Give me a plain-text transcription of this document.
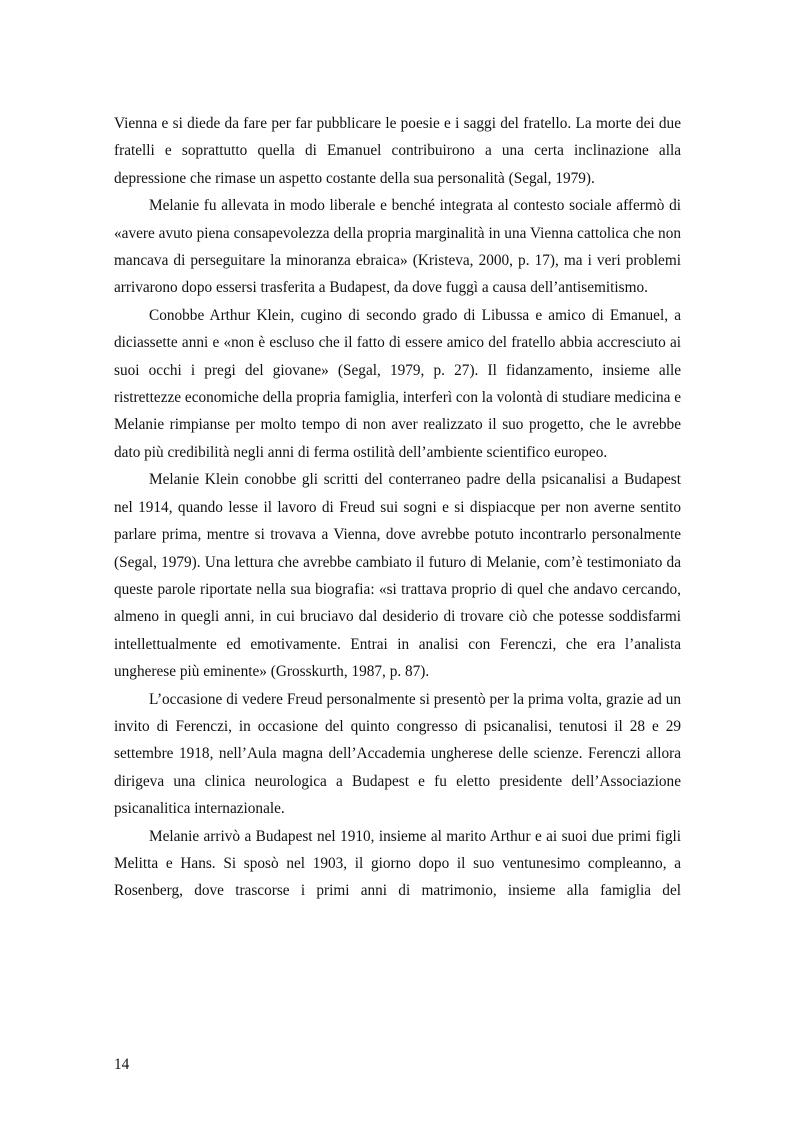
Vienna e si diede da fare per far pubblicare le poesie e i saggi del fratello. La morte dei due fratelli e soprattutto quella di Emanuel contribuirono a una certa inclinazione alla depressione che rimase un aspetto costante della sua personalità (Segal, 1979).

Melanie fu allevata in modo liberale e benché integrata al contesto sociale affermò di «avere avuto piena consapevolezza della propria marginalità in una Vienna cattolica che non mancava di perseguitare la minoranza ebraica» (Kristeva, 2000, p. 17), ma i veri problemi arrivarono dopo essersi trasferita a Budapest, da dove fuggì a causa dell’antisemitismo.

Conobbe Arthur Klein, cugino di secondo grado di Libussa e amico di Emanuel, a diciassette anni e «non è escluso che il fatto di essere amico del fratello abbia accresciuto ai suoi occhi i pregi del giovane» (Segal, 1979, p. 27). Il fidanzamento, insieme alle ristrettezze economiche della propria famiglia, interferì con la volontà di studiare medicina e Melanie rimpianse per molto tempo di non aver realizzato il suo progetto, che le avrebbe dato più credibilità negli anni di ferma ostilità dell’ambiente scientifico europeo.

Melanie Klein conobbe gli scritti del conterraneo padre della psicanalisi a Budapest nel 1914, quando lesse il lavoro di Freud sui sogni e si dispiacque per non averne sentito parlare prima, mentre si trovava a Vienna, dove avrebbe potuto incontrarlo personalmente (Segal, 1979). Una lettura che avrebbe cambiato il futuro di Melanie, com’è testimoniato da queste parole riportate nella sua biografia: «si trattava proprio di quel che andavo cercando, almeno in quegli anni, in cui bruciavo dal desiderio di trovare ciò che potesse soddisfarmi intellettualmente ed emotivamente. Entrai in analisi con Ferenczi, che era l’analista ungherese più eminente» (Grosskurth, 1987, p. 87).

L’occasione di vedere Freud personalmente si presentò per la prima volta, grazie ad un invito di Ferenczi, in occasione del quinto congresso di psicanalisi, tenutosi il 28 e 29 settembre 1918, nell’Aula magna dell’Accademia ungherese delle scienze. Ferenczi allora dirigeva una clinica neurologica a Budapest e fu eletto presidente dell’Associazione psicanalitica internazionale.

Melanie arrivò a Budapest nel 1910, insieme al marito Arthur e ai suoi due primi figli Melitta e Hans. Si sposò nel 1903, il giorno dopo il suo ventunesimo compleanno, a Rosenberg, dove trascorse i primi anni di matrimonio, insieme alla famiglia del

14
